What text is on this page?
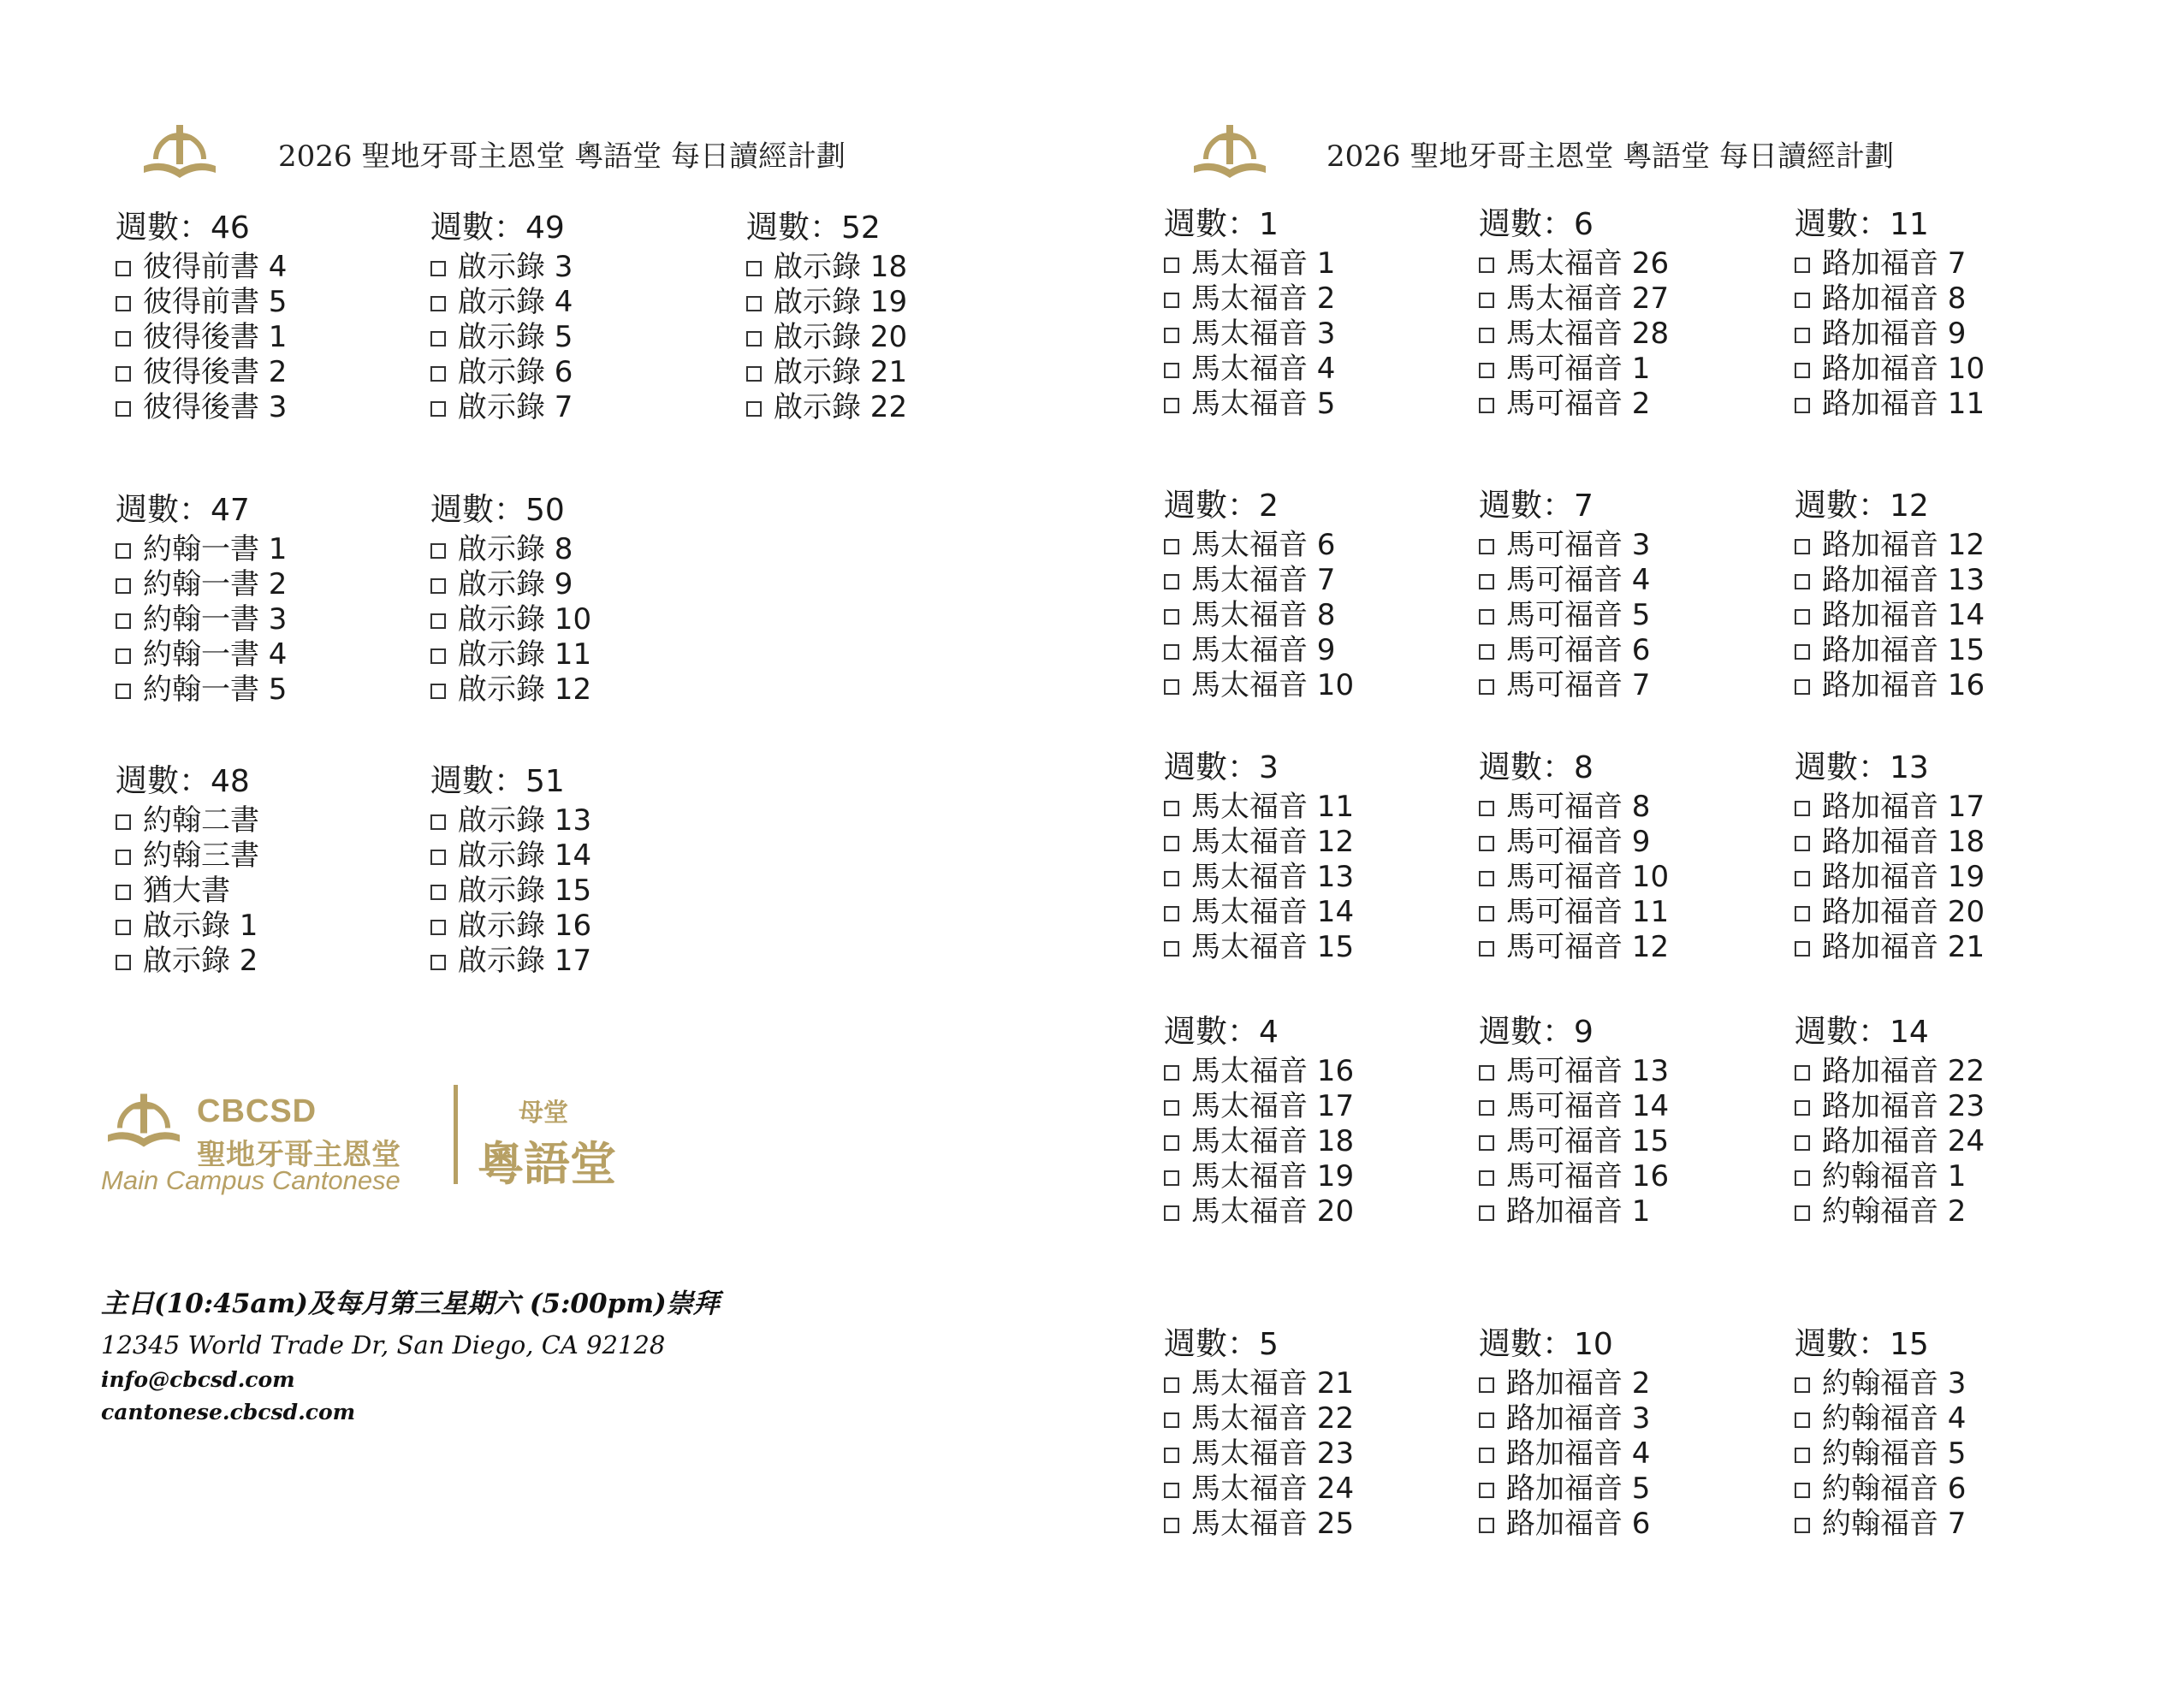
2026 聖地牙哥主恩堂 粵語堂 每日讀經計劃	2026 聖地牙哥主恩堂 粵語堂 每日讀經計劃
週數：46
彼得前書 4
彼得前書 5
彼得後書 1
彼得後書 2
彼得後書 3
週數：49
啟示錄 3
啟示錄 4
啟示錄 5
啟示錄 6
啟示錄 7
週數：52
啟示錄 18
啟示錄 19
啟示錄 20
啟示錄 21
啟示錄 22
週數：47
約翰一書 1
約翰一書 2
約翰一書 3
約翰一書 4
約翰一書 5
週數：50
啟示錄 8
啟示錄 9
啟示錄 10
啟示錄 11
啟示錄 12
週數：48
約翰二書
約翰三書
猶大書
啟示錄 1
啟示錄 2
週數：51
啟示錄 13
啟示錄 14
啟示錄 15
啟示錄 16
啟示錄 17
週數：1
馬太福音 1
馬太福音 2
馬太福音 3
馬太福音 4
馬太福音 5
週數：6
馬太福音 26
馬太福音 27
馬太福音 28
馬可福音 1
馬可福音 2
週數：11
路加福音 7
路加福音 8
路加福音 9
路加福音 10
路加福音 11
週數：2
馬太福音 6
馬太福音 7
馬太福音 8
馬太福音 9
馬太福音 10
週數：7
馬可福音 3
馬可福音 4
馬可福音 5
馬可福音 6
馬可福音 7
週數：12
路加福音 12
路加福音 13
路加福音 14
路加福音 15
路加福音 16
週數：3
馬太福音 11
馬太福音 12
馬太福音 13
馬太福音 14
馬太福音 15
週數：8
馬可福音 8
馬可福音 9
馬可福音 10
馬可福音 11
馬可福音 12
週數：13
路加福音 17
路加福音 18
路加福音 19
路加福音 20
路加福音 21
週數：4
馬太福音 16
馬太福音 17
馬太福音 18
馬太福音 19
馬太福音 20
週數：9
馬可福音 13
馬可福音 14
馬可福音 15
馬可福音 16
路加福音 1
週數：14
路加福音 22
路加福音 23
路加福音 24
約翰福音 1
約翰福音 2
週數：5
馬太福音 21
馬太福音 22
馬太福音 23
馬太福音 24
馬太福音 25
週數：10
路加福音 2
路加福音 3
路加福音 4
路加福音 5
路加福音 6
週數：15
約翰福音 3
約翰福音 4
約翰福音 5
約翰福音 6
約翰福音 7
CBCSD
聖地牙哥主恩堂
Main Campus Cantonese
母堂
粵語堂
主日(10:45am)及每月第三星期六 (5:00pm)崇拜
12345 World Trade Dr, San Diego, CA 92128
info@cbcsd.com
cantonese.cbcsd.com
